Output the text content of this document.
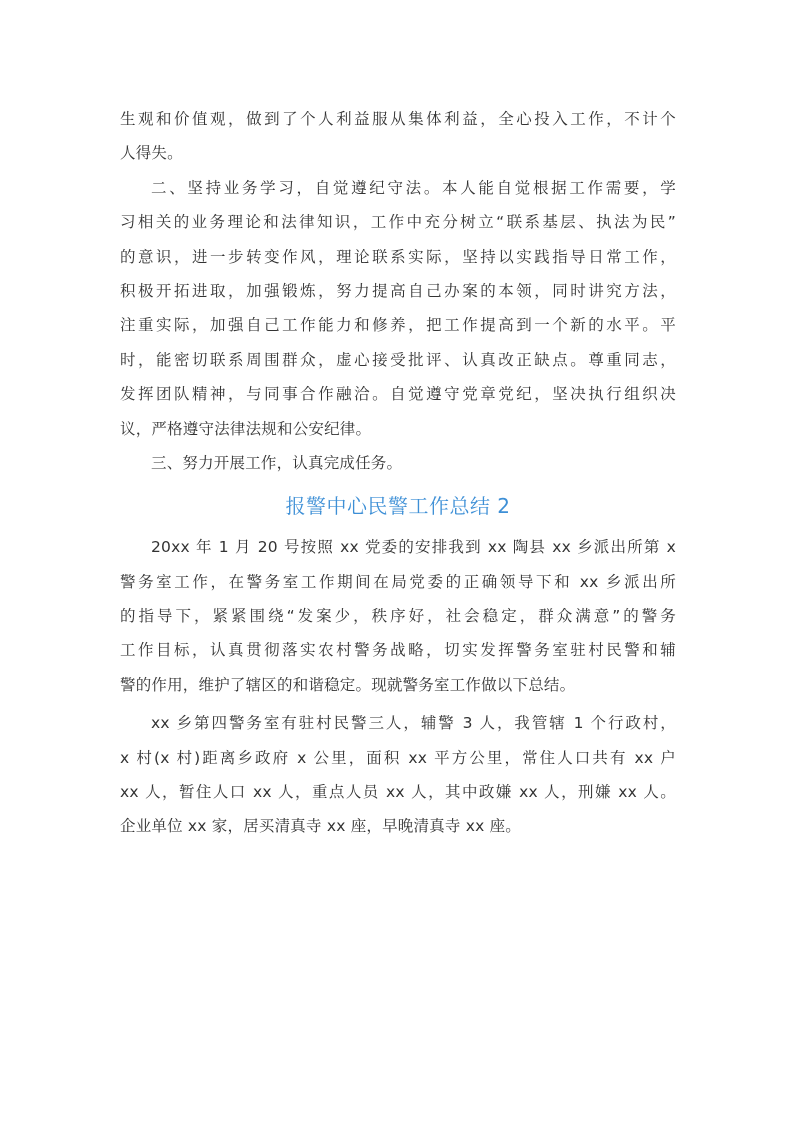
生观和价值观，做到了个人利益服从集体利益，全心投入工作，不计个
人得失。
二、坚持业务学习，自觉遵纪守法。本人能自觉根据工作需要，学
习相关的业务理论和法律知识，工作中充分树立“联系基层、执法为民”
的意识，进一步转变作风，理论联系实际，坚持以实践指导日常工作，
积极开拓进取，加强锻炼，努力提高自己办案的本领，同时讲究方法，
注重实际，加强自己工作能力和修养，把工作提高到一个新的水平。平
时，能密切联系周围群众，虚心接受批评、认真改正缺点。尊重同志，
发挥团队精神，与同事合作融洽。自觉遵守党章党纪，坚决执行组织决
议，严格遵守法律法规和公安纪律。
三、努力开展工作，认真完成任务。
报警中心民警工作总结 2
20xx 年 1 月 20 号按照 xx 党委的安排我到 xx 陶县 xx 乡派出所第 x
警务室工作，在警务室工作期间在局党委的正确领导下和 xx 乡派出所
的指导下，紧紧围绕“发案少，秩序好，社会稳定，群众满意”的警务
工作目标，认真贯彻落实农村警务战略，切实发挥警务室驻村民警和辅
警的作用，维护了辖区的和谐稳定。现就警务室工作做以下总结。
xx 乡第四警务室有驻村民警三人，辅警 3 人，我管辖 1 个行政村，
x 村(x 村)距离乡政府 x 公里，面积 xx 平方公里，常住人口共有 xx 户
xx 人，暂住人口 xx 人，重点人员 xx 人，其中政嫌 xx 人，刑嫌 xx 人。
企业单位 xx 家，居买清真寺 xx 座，早晚清真寺 xx 座。
